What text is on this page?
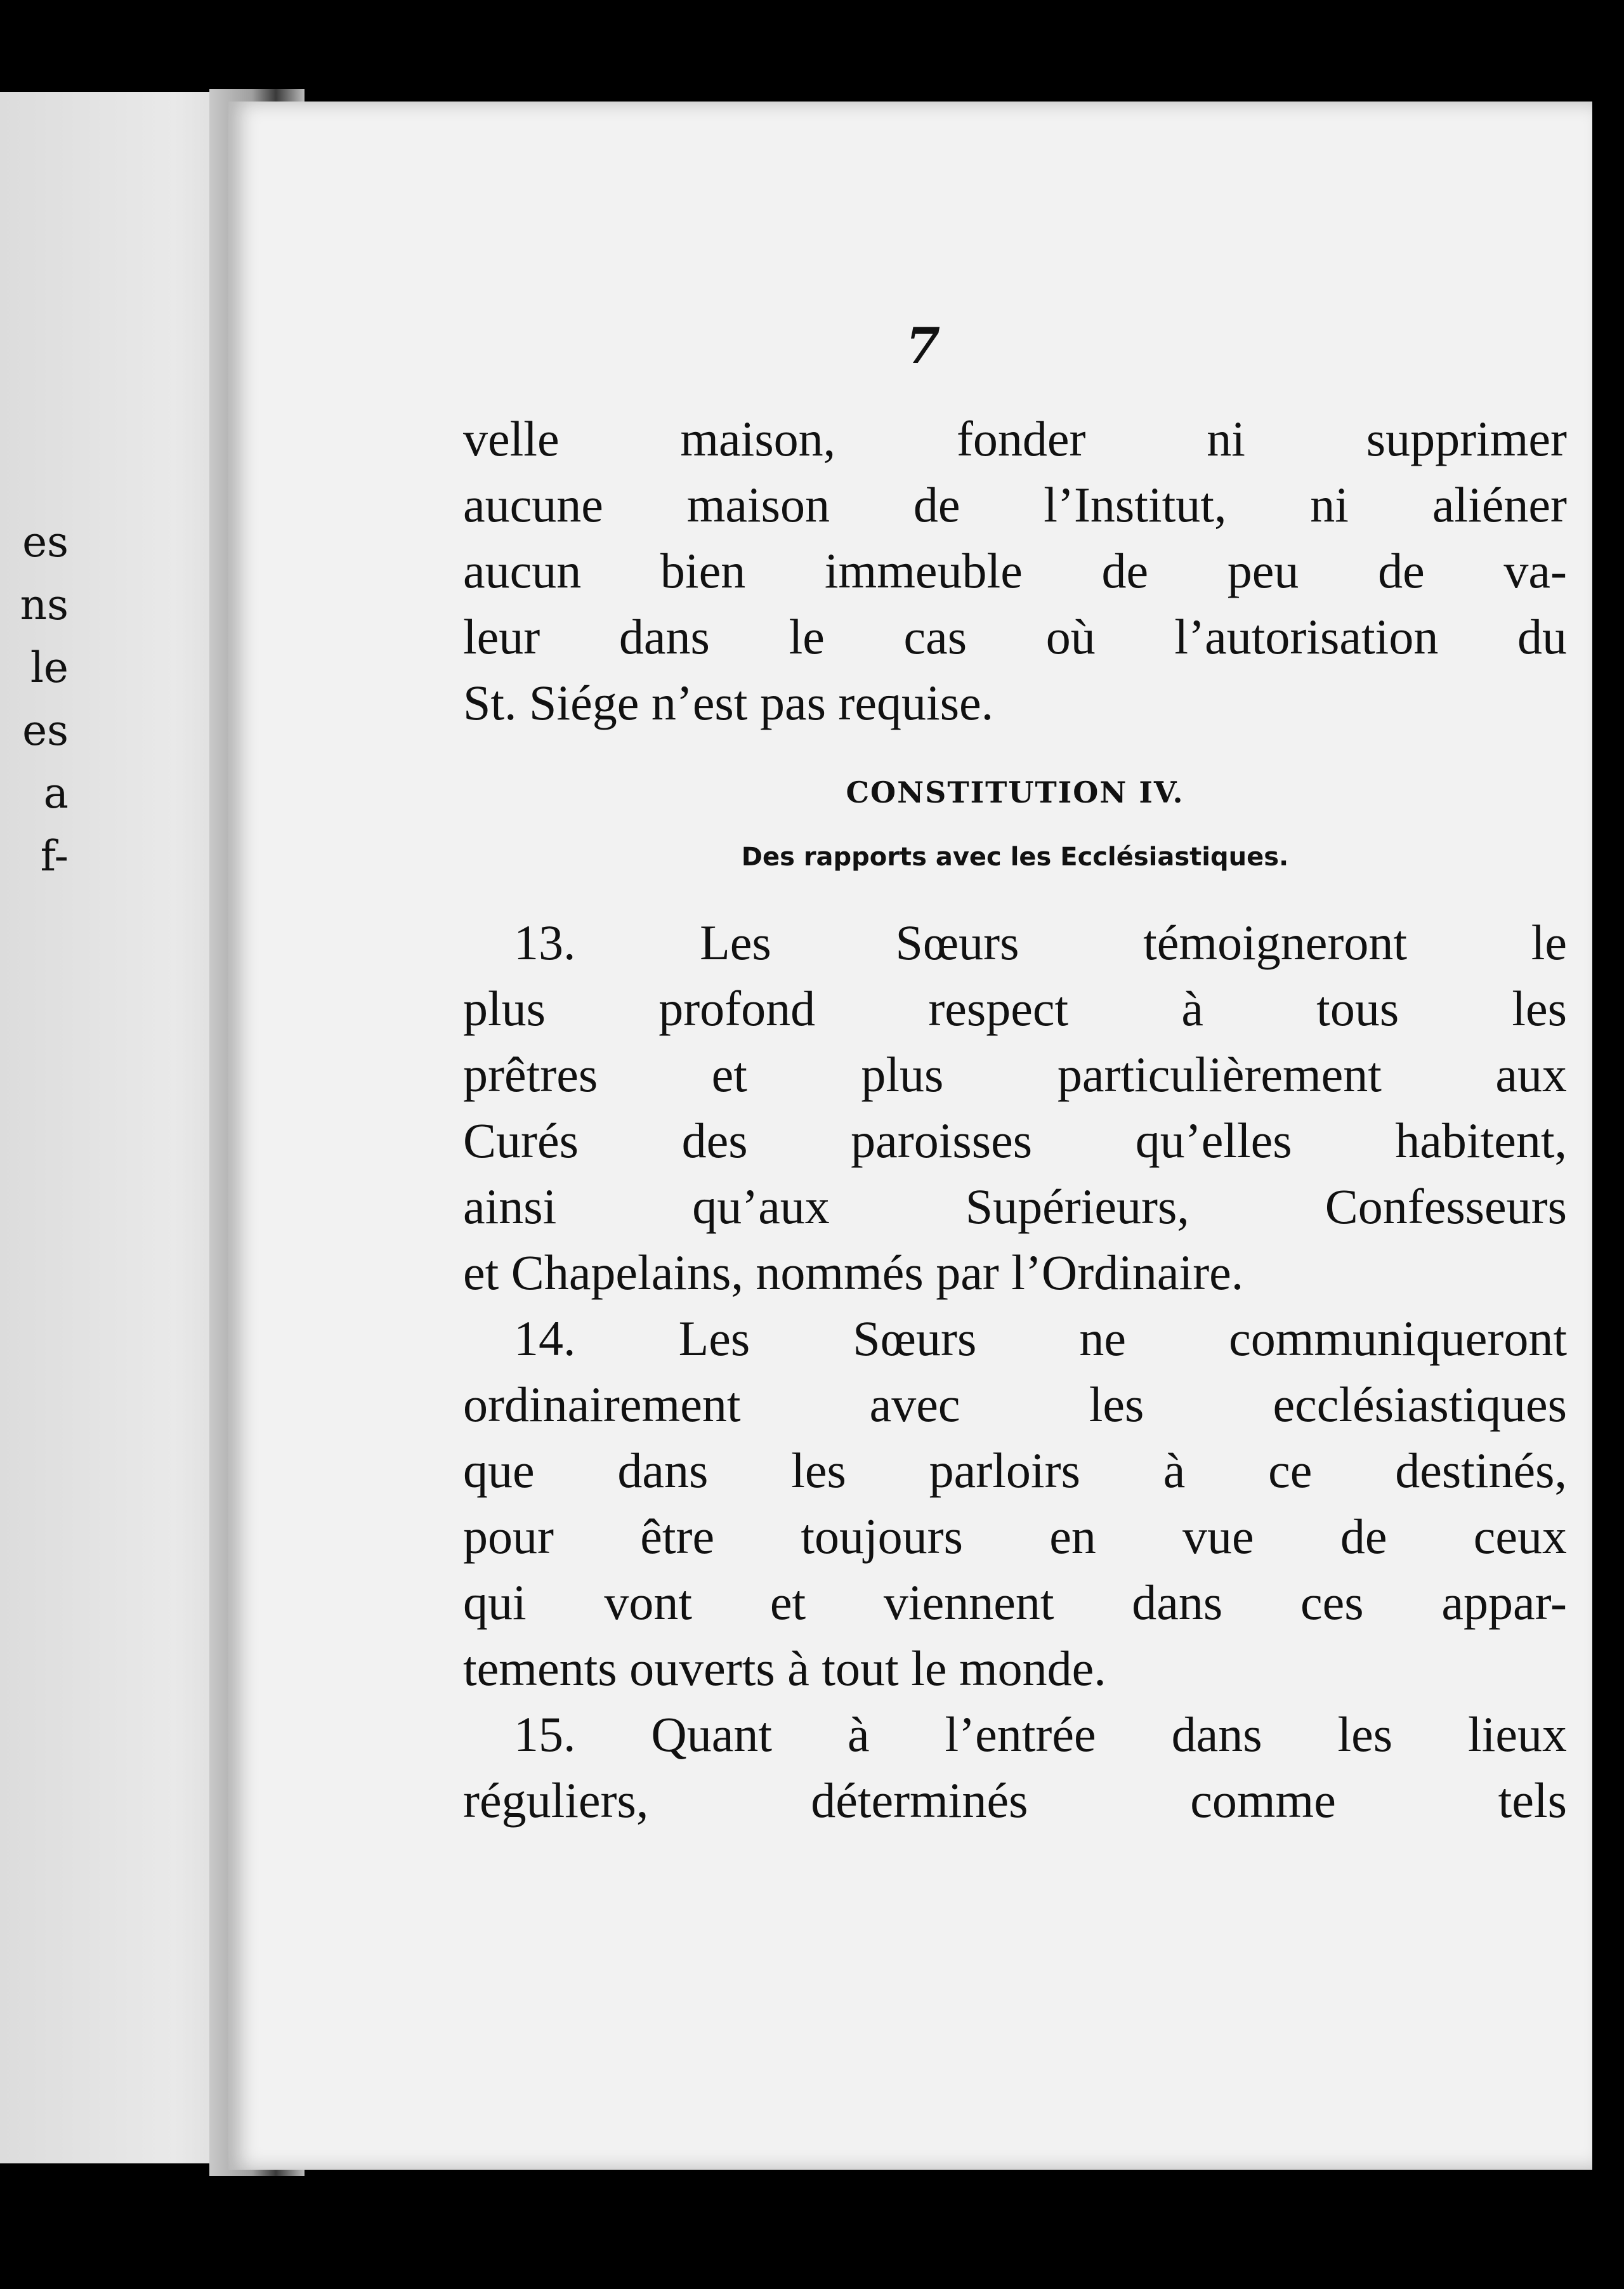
es
ns
le
es
a
f-
7
velle maison, fonder ni supprimer
aucune maison de l’Institut, ni aliéner
aucun bien immeuble de peu de va-
leur dans le cas où l’autorisation du
St. Siége n’est pas requise.
CONSTITUTION IV.
Des rapports avec les Ecclésiastiques.
13. Les Sœurs témoigneront le
plus profond respect à tous les
prêtres et plus particulièrement aux
Curés des paroisses qu’elles habitent,
ainsi qu’aux Supérieurs, Confesseurs
et Chapelains, nommés par l’Ordinaire.
14. Les Sœurs ne communiqueront
ordinairement avec les ecclésiastiques
que dans les parloirs à ce destinés,
pour être toujours en vue de ceux
qui vont et viennent dans ces appar-
tements ouverts à tout le monde.
15. Quant à l’entrée dans les lieux
réguliers, déterminés comme tels
